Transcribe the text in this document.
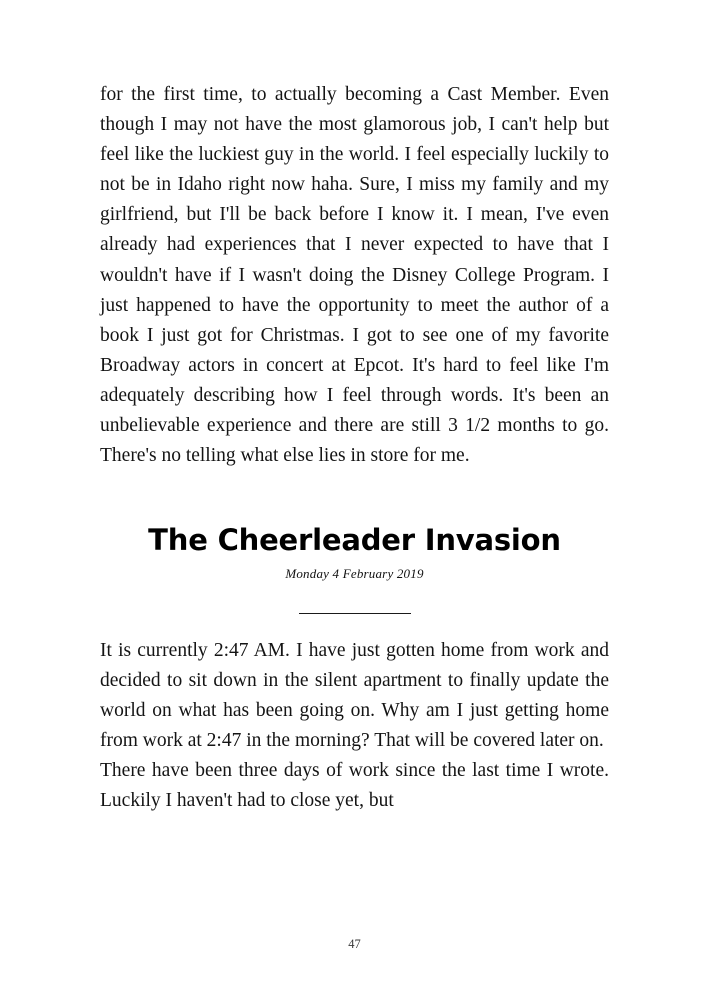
for the first time, to actually becoming a Cast Member. Even though I may not have the most glamorous job, I can't help but feel like the luckiest guy in the world. I feel especially luckily to not be in Idaho right now haha. Sure, I miss my family and my girlfriend, but I'll be back before I know it. I mean, I've even already had experiences that I never expected to have that I wouldn't have if I wasn't doing the Disney College Program. I just happened to have the opportunity to meet the author of a book I just got for Christmas. I got to see one of my favorite Broadway actors in concert at Epcot. It's hard to feel like I'm adequately describing how I feel through words. It's been an unbelievable experience and there are still 3 1/2 months to go. There's no telling what else lies in store for me.

The Cheerleader Invasion
Monday 4 February 2019

It is currently 2:47 AM. I have just gotten home from work and decided to sit down in the silent apartment to finally update the world on what has been going on. Why am I just getting home from work at 2:47 in the morning? That will be covered later on.

There have been three days of work since the last time I wrote. Luckily I haven't had to close yet, but

47
